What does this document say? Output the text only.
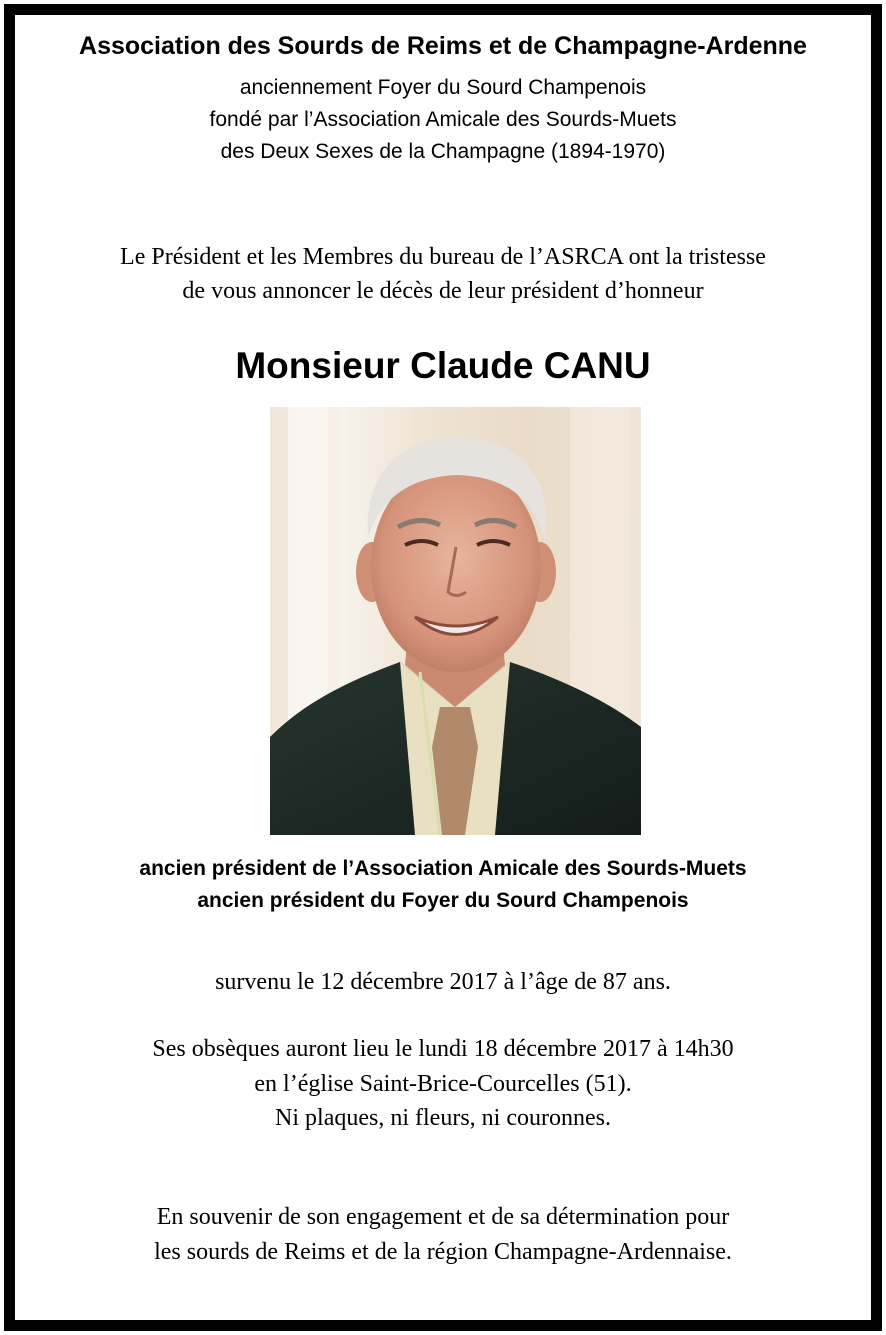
Association des Sourds de Reims et de Champagne-Ardenne
anciennement Foyer du Sourd Champenois
fondé par l’Association Amicale des Sourds-Muets
des Deux Sexes de la Champagne (1894-1970)
Le Président et les Membres du bureau de l’ASRCA ont la tristesse
de vous annoncer le décès de leur président d’honneur
Monsieur Claude CANU
ancien président de l’Association Amicale des Sourds-Muets
ancien président du Foyer du Sourd Champenois
survenu le 12 décembre 2017 à l’âge de 87 ans.
Ses obsèques auront lieu le lundi 18 décembre 2017 à 14h30
en l’église Saint-Brice-Courcelles (51).
Ni plaques, ni fleurs, ni couronnes.
En souvenir de son engagement et de sa détermination pour
les sourds de Reims et de la région Champagne-Ardennaise.
